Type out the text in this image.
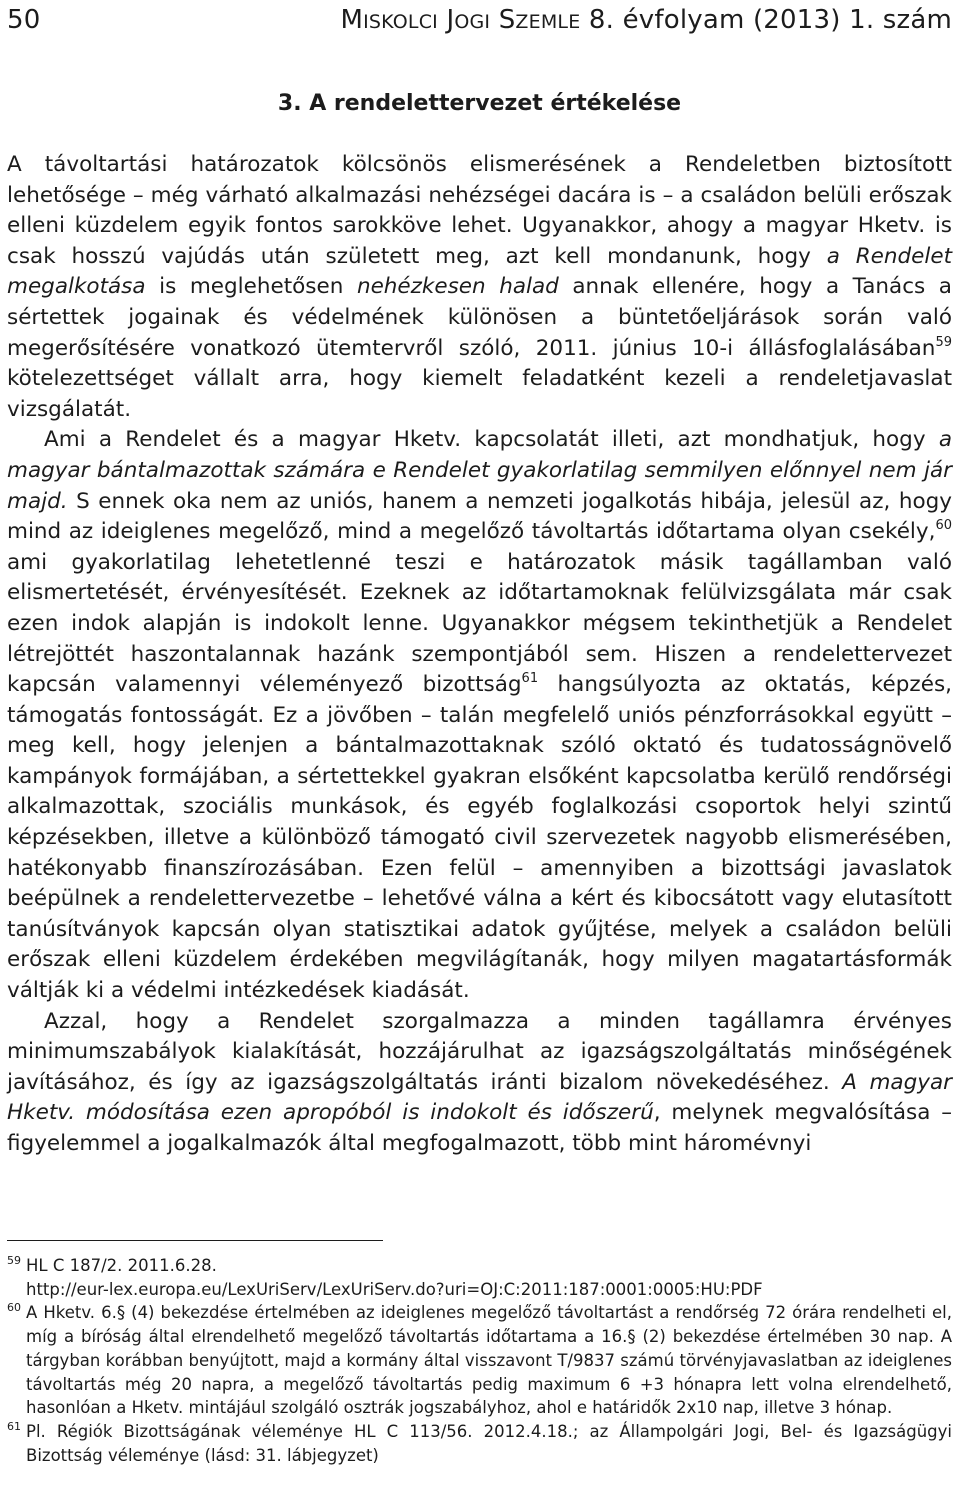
50	MISKOLCI JOGI SZEMLE 8. évfolyam (2013) 1. szám
3. A rendelettervezet értékelése

A távoltartási határozatok kölcsönös elismerésének a Rendeletben biztosított lehetősége – még várható alkalmazási nehézségei dacára is – a családon belüli erőszak elleni küzdelem egyik fontos sarokköve lehet. Ugyanakkor, ahogy a magyar Hketv. is csak hosszú vajúdás után született meg, azt kell mondanunk, hogy a Rendelet megalkotása is meglehetősen nehézkesen halad annak ellenére, hogy a Tanács a sértettek jogainak és védelmének különösen a büntetőeljárások során való megerősítésére vonatkozó ütemtervről szóló, 2011. június 10-i állásfoglalásában$^{59}$ kötelezettséget vállalt arra, hogy kiemelt feladatként kezeli a rendeletjavaslat vizsgálatát.

Ami a Rendelet és a magyar Hketv. kapcsolatát illeti, azt mondhatjuk, hogy a magyar bántalmazottak számára e Rendelet gyakorlatilag semmilyen előnnyel nem jár majd. S ennek oka nem az uniós, hanem a nemzeti jogalkotás hibája, jelesül az, hogy mind az ideiglenes megelőző, mind a megelőző távoltartás időtartama olyan csekély,$^{60}$ ami gyakorlatilag lehetetlenné teszi e határozatok másik tagállamban való elismertetését, érvényesítését. Ezeknek az időtartamoknak felülvizsgálata már csak ezen indok alapján is indokolt lenne. Ugyanakkor mégsem tekinthetjük a Rendelet létrejöttét haszontalannak hazánk szempontjából sem. Hiszen a rendelettervezet kapcsán valamennyi véleményező bizottság$^{61}$ hangsúlyozta az oktatás, képzés, támogatás fontosságát. Ez a jövőben – talán megfelelő uniós pénzforrásokkal együtt – meg kell, hogy jelenjen a bántalmazottaknak szóló oktató és tudatosságnövelő kampányok formájában, a sértettekkel gyakran elsőként kapcsolatba kerülő rendőrségi alkalmazottak, szociális munkások, és egyéb foglalkozási csoportok helyi szintű képzésekben, illetve a különböző támogató civil szervezetek nagyobb elismerésében, hatékonyabb finanszírozásában. Ezen felül – amennyiben a bizottsági javaslatok beépülnek a rendelettervezetbe – lehetővé válna a kért és kibocsátott vagy elutasított tanúsítványok kapcsán olyan statisztikai adatok gyűjtése, melyek a családon belüli erőszak elleni küzdelem érdekében megvilágítanák, hogy milyen magatartásformák váltják ki a védelmi intézkedések kiadását.

Azzal, hogy a Rendelet szorgalmazza a minden tagállamra érvényes minimumszabályok kialakítását, hozzájárulhat az igazságszolgáltatás minőségének javításához, és így az igazságszolgáltatás iránti bizalom növekedéséhez. A magyar Hketv. módosítása ezen apropóból is indokolt és időszerű, melynek megvalósítása – figyelemmel a jogalkalmazók által megfogalmazott, több mint háromévnyi

59 HL C 187/2. 2011.6.28.
http://eur-lex.europa.eu/LexUriServ/LexUriServ.do?uri=OJ:C:2011:187:0001:0005:HU:PDF
60 A Hketv. 6.§ (4) bekezdése értelmében az ideiglenes megelőző távoltartást a rendőrség 72 órára rendelheti el, míg a bíróság által elrendelhető megelőző távoltartás időtartama a 16.§ (2) bekezdése értelmében 30 nap. A tárgyban korábban benyújtott, majd a kormány által visszavont T/9837 számú törvényjavaslatban az ideiglenes távoltartás még 20 napra, a megelőző távoltartás pedig maximum 6 +3 hónapra lett volna elrendelhető, hasonlóan a Hketv. mintájául szolgáló osztrák jogszabályhoz, ahol e határidők 2x10 nap, illetve 3 hónap.
61 Pl. Régiók Bizottságának véleménye HL C 113/56. 2012.4.18.; az Állampolgári Jogi, Bel- és Igazságügyi Bizottság véleménye (lásd: 31. lábjegyzet)
